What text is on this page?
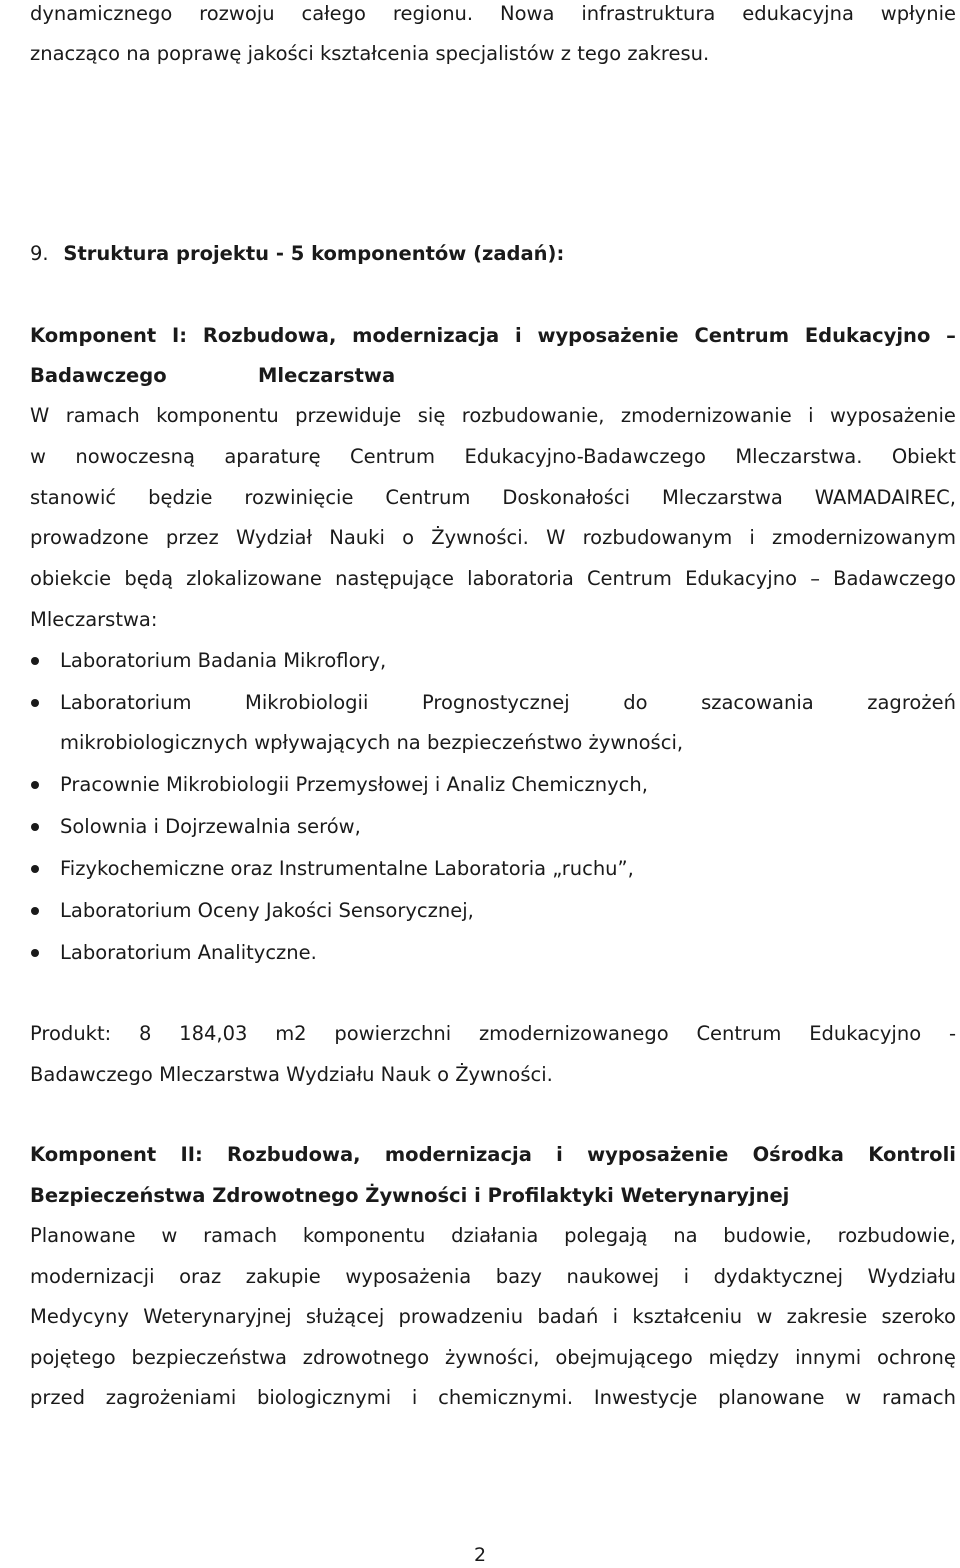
dynamicznego rozwoju całego regionu. Nowa infrastruktura edukacyjna wpłynie
znacząco na poprawę jakości kształcenia specjalistów z tego zakresu.
9. Struktura projektu - 5 komponentów (zadań):
Komponent I: Rozbudowa, modernizacja i wyposażenie Centrum Edukacyjno –
Badawczego	Mleczarstwa
W ramach komponentu przewiduje się rozbudowanie, zmodernizowanie i wyposażenie
w nowoczesną aparaturę Centrum Edukacyjno-Badawczego Mleczarstwa. Obiekt
stanowić będzie rozwinięcie Centrum Doskonałości Mleczarstwa WAMADAIREC,
prowadzone przez Wydział Nauki o Żywności. W rozbudowanym i zmodernizowanym
obiekcie będą zlokalizowane następujące laboratoria Centrum Edukacyjno – Badawczego
Mleczarstwa:
Laboratorium Badania Mikroflory,
Laboratorium	Mikrobiologii	Prognostycznej	do	szacowania	zagrożeń
mikrobiologicznych wpływających na bezpieczeństwo żywności,
Pracownie Mikrobiologii Przemysłowej i Analiz Chemicznych,
Solownia i Dojrzewalnia serów,
Fizykochemiczne oraz Instrumentalne Laboratoria „ruchu”,
Laboratorium Oceny Jakości Sensorycznej,
Laboratorium Analityczne.
Produkt: 8 184,03 m2 powierzchni zmodernizowanego Centrum Edukacyjno -
Badawczego Mleczarstwa Wydziału Nauk o Żywności.
Komponent II: Rozbudowa, modernizacja i wyposażenie Ośrodka Kontroli
Bezpieczeństwa Zdrowotnego Żywności i Profilaktyki Weterynaryjnej
Planowane w ramach komponentu działania polegają na budowie, rozbudowie,
modernizacji oraz zakupie wyposażenia bazy naukowej i dydaktycznej Wydziału
Medycyny Weterynaryjnej służącej prowadzeniu badań i kształceniu w zakresie szeroko
pojętego bezpieczeństwa zdrowotnego żywności, obejmującego między innymi ochronę
przed zagrożeniami biologicznymi i chemicznymi. Inwestycje planowane w ramach
2
